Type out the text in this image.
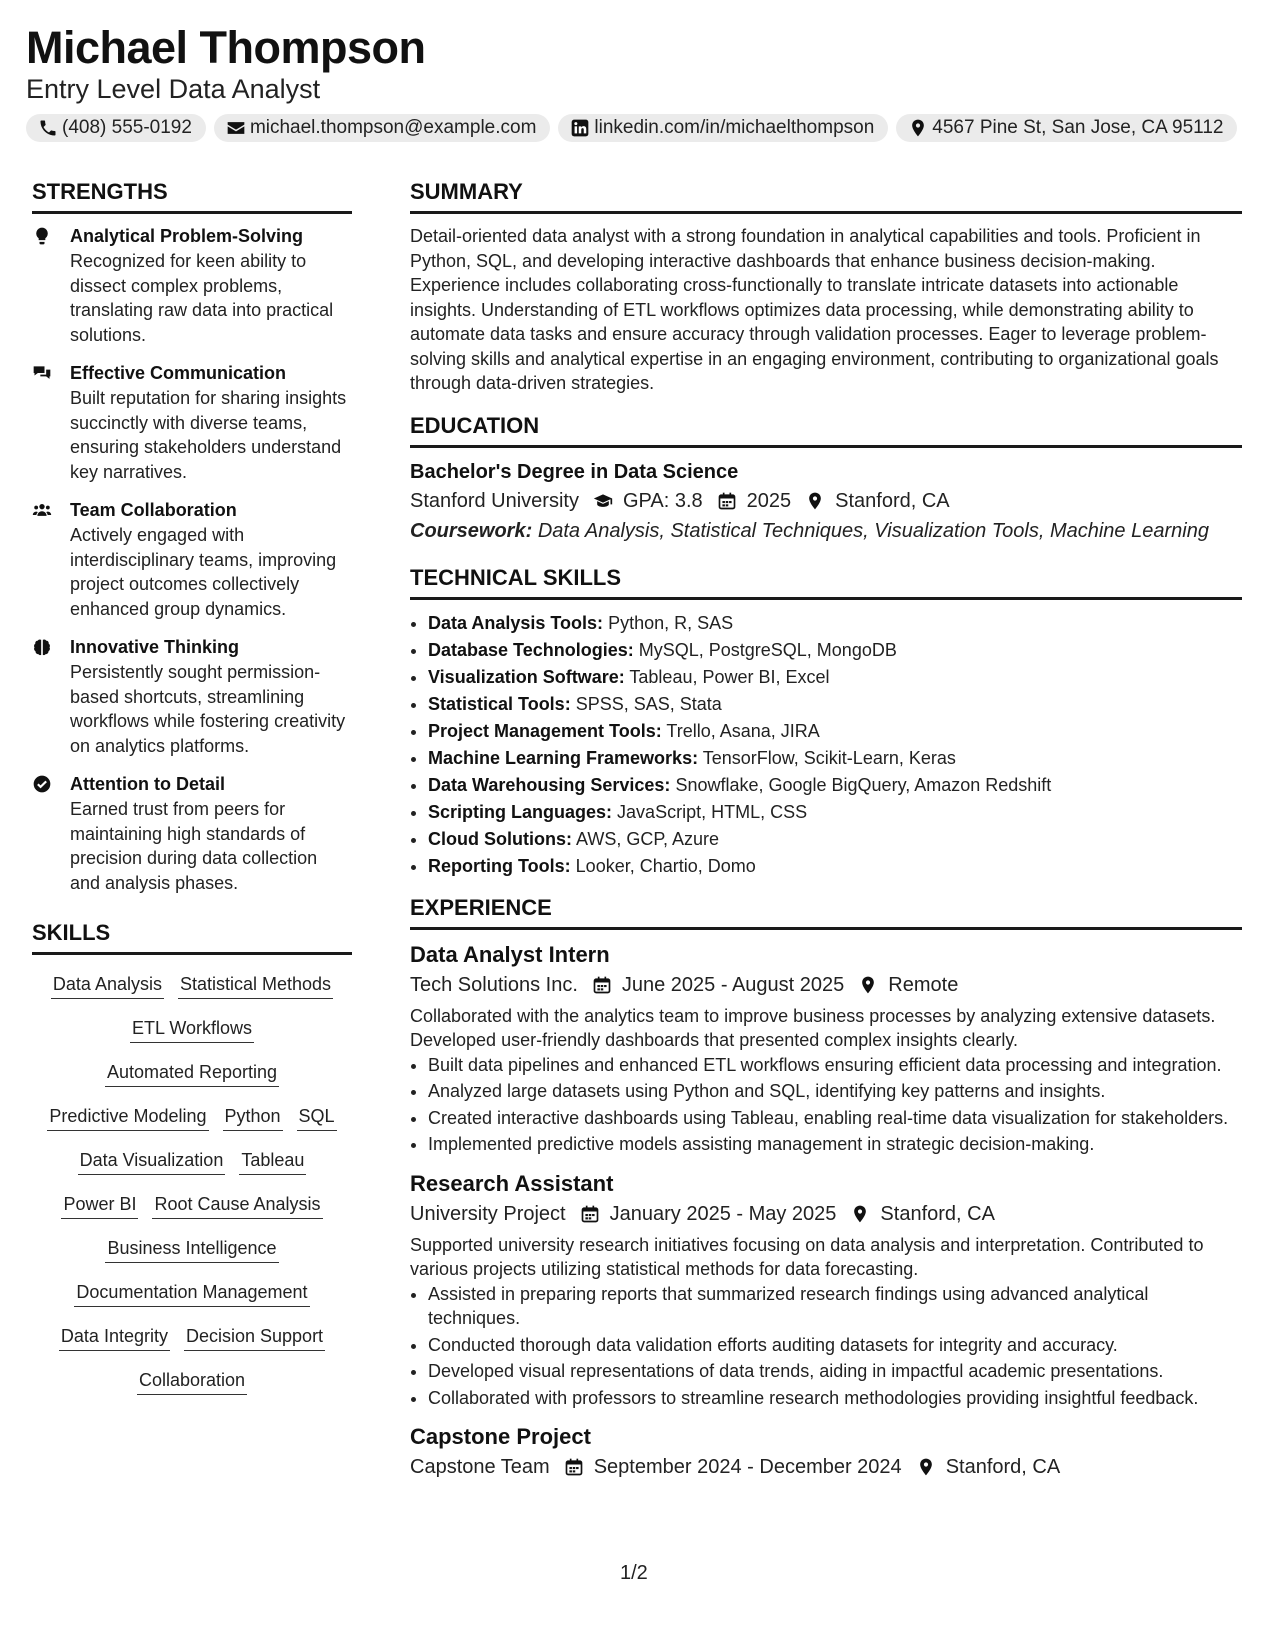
Michael Thompson
Entry Level Data Analyst
(408) 555-0192	michael.thompson@example.com	linkedin.com/in/michaelthompson	4567 Pine St, San Jose, CA 95112
STRENGTHS
Analytical Problem-Solving
Recognized for keen ability to dissect complex problems, translating raw data into practical solutions.
Effective Communication
Built reputation for sharing insights succinctly with diverse teams, ensuring stakeholders understand key narratives.
Team Collaboration
Actively engaged with interdisciplinary teams, improving project outcomes collectively enhanced group dynamics.
Innovative Thinking
Persistently sought permission-based shortcuts, streamlining workflows while fostering creativity on analytics platforms.
Attention to Detail
Earned trust from peers for maintaining high standards of precision during data collection and analysis phases.
SKILLS
Data Analysis Statistical Methods
ETL Workflows
Automated Reporting
Predictive Modeling Python SQL
Data Visualization Tableau
Power BI Root Cause Analysis
Business Intelligence
Documentation Management
Data Integrity Decision Support
Collaboration
SUMMARY
Detail-oriented data analyst with a strong foundation in analytical capabilities and tools. Proficient in Python, SQL, and developing interactive dashboards that enhance business decision-making. Experience includes collaborating cross-functionally to translate intricate datasets into actionable insights. Understanding of ETL workflows optimizes data processing, while demonstrating ability to automate data tasks and ensure accuracy through validation processes. Eager to leverage problem-solving skills and analytical expertise in an engaging environment, contributing to organizational goals through data-driven strategies.
EDUCATION
Bachelor's Degree in Data Science
Stanford University GPA: 3.8 2025 Stanford, CA
Coursework: Data Analysis, Statistical Techniques, Visualization Tools, Machine Learning
TECHNICAL SKILLS
• Data Analysis Tools: Python, R, SAS
• Database Technologies: MySQL, PostgreSQL, MongoDB
• Visualization Software: Tableau, Power BI, Excel
• Statistical Tools: SPSS, SAS, Stata
• Project Management Tools: Trello, Asana, JIRA
• Machine Learning Frameworks: TensorFlow, Scikit-Learn, Keras
• Data Warehousing Services: Snowflake, Google BigQuery, Amazon Redshift
• Scripting Languages: JavaScript, HTML, CSS
• Cloud Solutions: AWS, GCP, Azure
• Reporting Tools: Looker, Chartio, Domo
EXPERIENCE
Data Analyst Intern
Tech Solutions Inc. June 2025 - August 2025 Remote
Collaborated with the analytics team to improve business processes by analyzing extensive datasets. Developed user-friendly dashboards that presented complex insights clearly.
• Built data pipelines and enhanced ETL workflows ensuring efficient data processing and integration.
• Analyzed large datasets using Python and SQL, identifying key patterns and insights.
• Created interactive dashboards using Tableau, enabling real-time data visualization for stakeholders.
• Implemented predictive models assisting management in strategic decision-making.
Research Assistant
University Project January 2025 - May 2025 Stanford, CA
Supported university research initiatives focusing on data analysis and interpretation. Contributed to various projects utilizing statistical methods for data forecasting.
• Assisted in preparing reports that summarized research findings using advanced analytical techniques.
• Conducted thorough data validation efforts auditing datasets for integrity and accuracy.
• Developed visual representations of data trends, aiding in impactful academic presentations.
• Collaborated with professors to streamline research methodologies providing insightful feedback.
Capstone Project
Capstone Team September 2024 - December 2024 Stanford, CA
1/2
